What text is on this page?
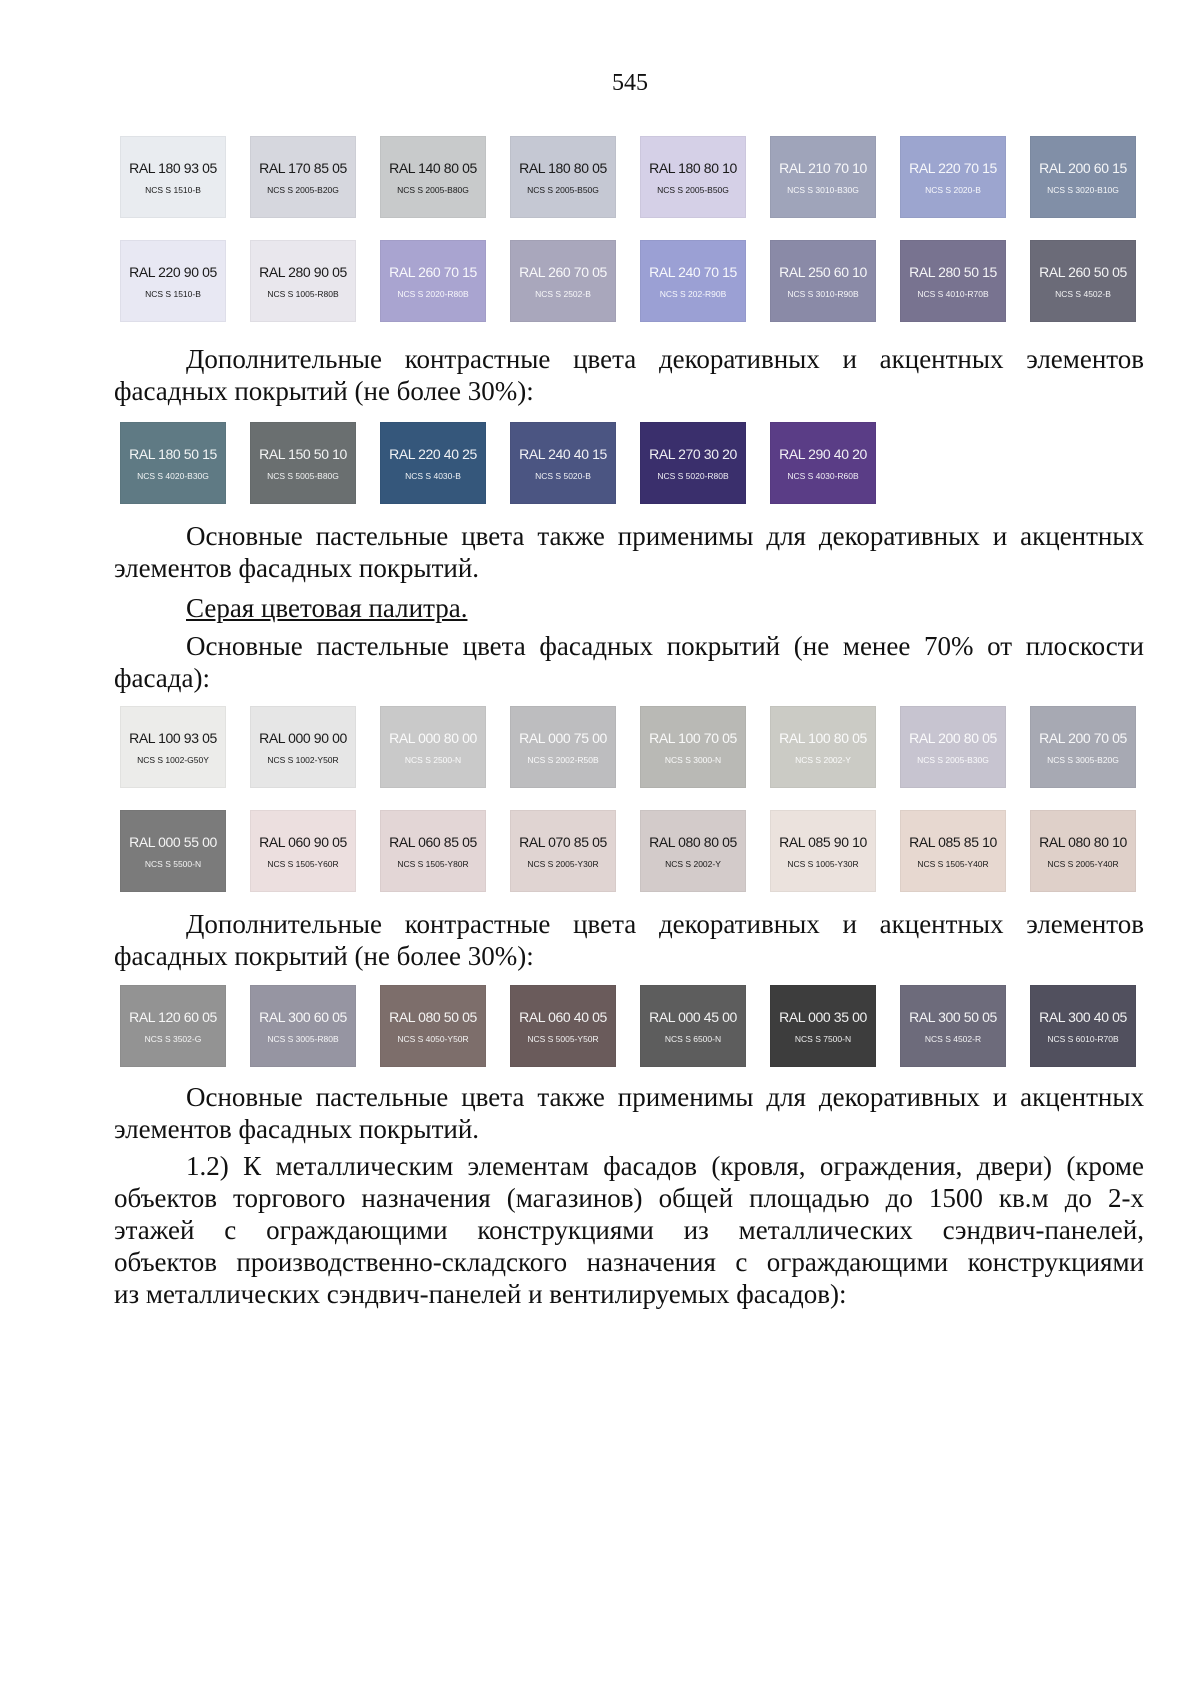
545
RAL 180 93 05
NCS S 1510-B
RAL 170 85 05
NCS S 2005-B20G
RAL 140 80 05
NCS S 2005-B80G
RAL 180 80 05
NCS S 2005-B50G
RAL 180 80 10
NCS S 2005-B50G
RAL 210 70 10
NCS S 3010-B30G
RAL 220 70 15
NCS S 2020-B
RAL 200 60 15
NCS S 3020-B10G
RAL 220 90 05
NCS S 1510-B
RAL 280 90 05
NCS S 1005-R80B
RAL 260 70 15
NCS S 2020-R80B
RAL 260 70 05
NCS S 2502-B
RAL 240 70 15
NCS S 202-R90B
RAL 250 60 10
NCS S 3010-R90B
RAL 280 50 15
NCS S 4010-R70B
RAL 260 50 05
NCS S 4502-B

Дополнительные контрастные цвета декоративных и акцентных элементов
фасадных покрытий (не более 30%):

RAL 180 50 15
NCS S 4020-B30G
RAL 150 50 10
NCS S 5005-B80G
RAL 220 40 25
NCS S 4030-B
RAL 240 40 15
NCS S 5020-B
RAL 270 30 20
NCS S 5020-R80B
RAL 290 40 20
NCS S 4030-R60B

Основные пастельные цвета также применимы для декоративных и акцентных
элементов фасадных покрытий.

Серая цветовая палитра.

Основные пастельные цвета фасадных покрытий (не менее 70% от плоскости
фасада):

RAL 100 93 05
NCS S 1002-G50Y
RAL 000 90 00
NCS S 1002-Y50R
RAL 000 80 00
NCS S 2500-N
RAL 000 75 00
NCS S 2002-R50B
RAL 100 70 05
NCS S 3000-N
RAL 100 80 05
NCS S 2002-Y
RAL 200 80 05
NCS S 2005-B30G
RAL 200 70 05
NCS S 3005-B20G
RAL 000 55 00
NCS S 5500-N
RAL 060 90 05
NCS S 1505-Y60R
RAL 060 85 05
NCS S 1505-Y80R
RAL 070 85 05
NCS S 2005-Y30R
RAL 080 80 05
NCS S 2002-Y
RAL 085 90 10
NCS S 1005-Y30R
RAL 085 85 10
NCS S 1505-Y40R
RAL 080 80 10
NCS S 2005-Y40R

Дополнительные контрастные цвета декоративных и акцентных элементов
фасадных покрытий (не более 30%):

RAL 120 60 05
NCS S 3502-G
RAL 300 60 05
NCS S 3005-R80B
RAL 080 50 05
NCS S 4050-Y50R
RAL 060 40 05
NCS S 5005-Y50R
RAL 000 45 00
NCS S 6500-N
RAL 000 35 00
NCS S 7500-N
RAL 300 50 05
NCS S 4502-R
RAL 300 40 05
NCS S 6010-R70B

Основные пастельные цвета также применимы для декоративных и акцентных
элементов фасадных покрытий.

1.2) К металлическим элементам фасадов (кровля, ограждения, двери) (кроме
объектов торгового назначения (магазинов) общей площадью до 1500 кв.м до 2-х
этажей с ограждающими конструкциями из металлических сэндвич-панелей,
объектов производственно-складского назначения с ограждающими конструкциями
из металлических сэндвич-панелей и вентилируемых фасадов):
